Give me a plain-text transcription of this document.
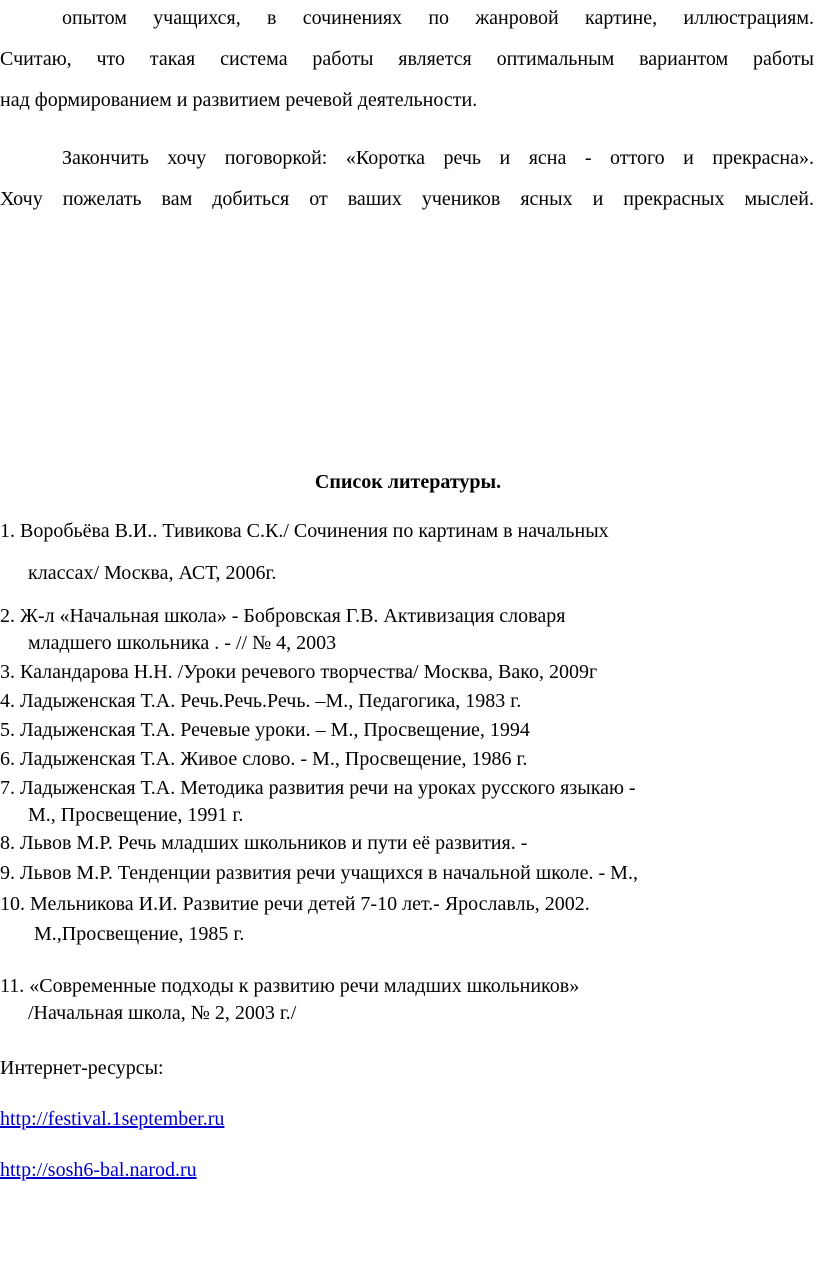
опытом учащихся, в сочинениях по жанровой картине, иллюстрациям.
Считаю, что такая система работы является оптимальным вариантом работы
над формированием и развитием речевой деятельности.
Закончить хочу поговоркой: «Коротка речь и ясна - оттого и прекрасна».
Хочу пожелать вам добиться от ваших учеников ясных и прекрасных мыслей.
Список литературы.
1. Воробьёва В.И.. Тивикова С.К./ Сочинения по картинам в начальных
классах/ Москва, АСТ, 2006г.
2. Ж-л «Начальная школа» - Бобровская Г.В. Активизация словаря
младшего школьника . - // № 4, 2003
3. Каландарова Н.Н. /Уроки речевого творчества/ Москва, Вако, 2009г
4. Ладыженская Т.А. Речь.Речь.Речь. –М., Педагогика, 1983 г.
5. Ладыженская Т.А. Речевые уроки. – М., Просвещение, 1994
6. Ладыженская Т.А. Живое слово. - М., Просвещение, 1986 г.
7. Ладыженская Т.А. Методика развития речи на уроках русского языкаю -
М., Просвещение, 1991 г.
8. Львов М.Р. Речь младших школьников и пути её развития. -
9. Львов М.Р. Тенденции развития речи учащихся в начальной школе. - М.,
10. Мельникова И.И. Развитие речи детей 7-10 лет.- Ярославль, 2002.
М.,Просвещение, 1985 г.
11. «Современные подходы к развитию речи младших школьников»
/Начальная школа, № 2, 2003 г./
Интернет-ресурсы:
http://festival.1september.ru
http://sosh6-bal.narod.ru
